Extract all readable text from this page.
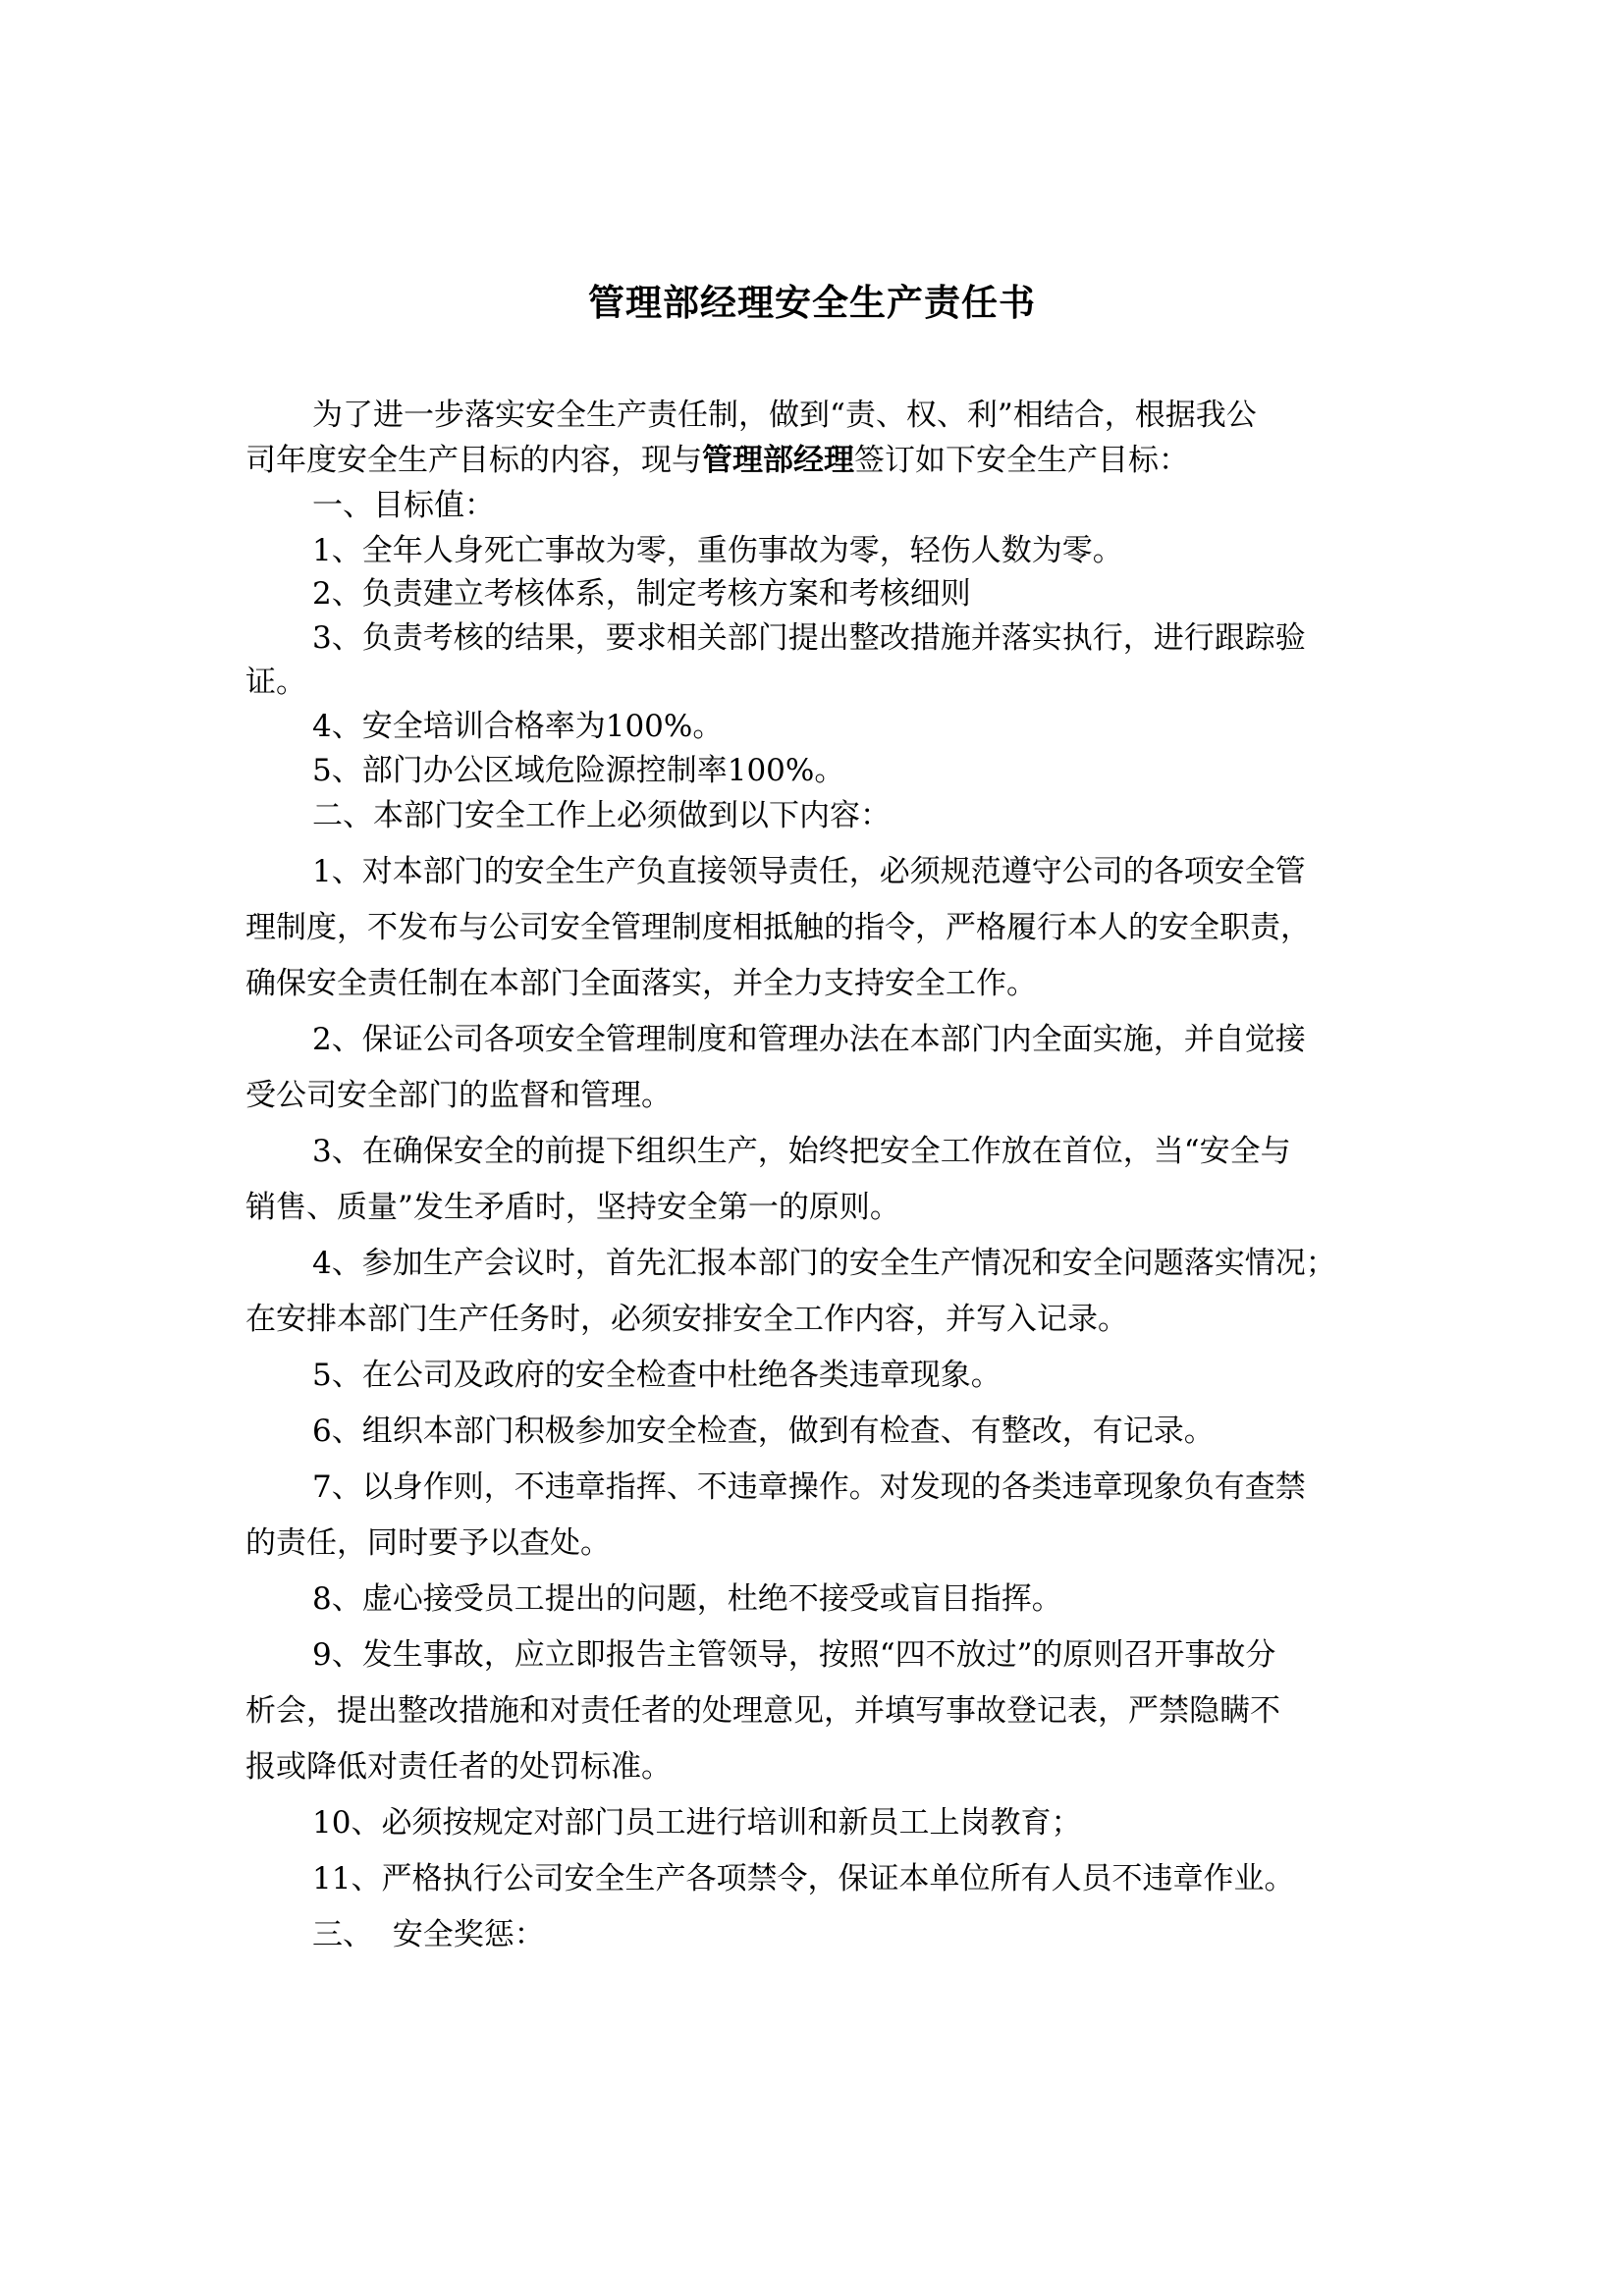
管理部经理安全生产责任书

为了进一步落实安全生产责任制，做到“责、权、利”相结合，根据我公

司年度安全生产目标的内容，现与管理部经理签订如下安全生产目标：

一、目标值：

1、全年人身死亡事故为零，重伤事故为零，轻伤人数为零。

2、负责建立考核体系，制定考核方案和考核细则

3、负责考核的结果，要求相关部门提出整改措施并落实执行，进行跟踪验

证。

4、安全培训合格率为100%。

5、部门办公区域危险源控制率100%。

二、本部门安全工作上必须做到以下内容：

1、对本部门的安全生产负直接领导责任，必须规范遵守公司的各项安全管

理制度，不发布与公司安全管理制度相抵触的指令，严格履行本人的安全职责，

确保安全责任制在本部门全面落实，并全力支持安全工作。

2、保证公司各项安全管理制度和管理办法在本部门内全面实施，并自觉接

受公司安全部门的监督和管理。

3、在确保安全的前提下组织生产，始终把安全工作放在首位，当“安全与

销售、质量”发生矛盾时，坚持安全第一的原则。

4、参加生产会议时，首先汇报本部门的安全生产情况和安全问题落实情况；

在安排本部门生产任务时，必须安排安全工作内容，并写入记录。

5、在公司及政府的安全检查中杜绝各类违章现象。

6、组织本部门积极参加安全检查，做到有检查、有整改，有记录。

7、以身作则，不违章指挥、不违章操作。对发现的各类违章现象负有查禁

的责任，同时要予以查处。

8、虚心接受员工提出的问题，杜绝不接受或盲目指挥。

9、发生事故，应立即报告主管领导，按照“四不放过”的原则召开事故分

析会，提出整改措施和对责任者的处理意见，并填写事故登记表，严禁隐瞒不

报或降低对责任者的处罚标准。

10、必须按规定对部门员工进行培训和新员工上岗教育；

11、严格执行公司安全生产各项禁令，保证本单位所有人员不违章作业。

三、  安全奖惩：
